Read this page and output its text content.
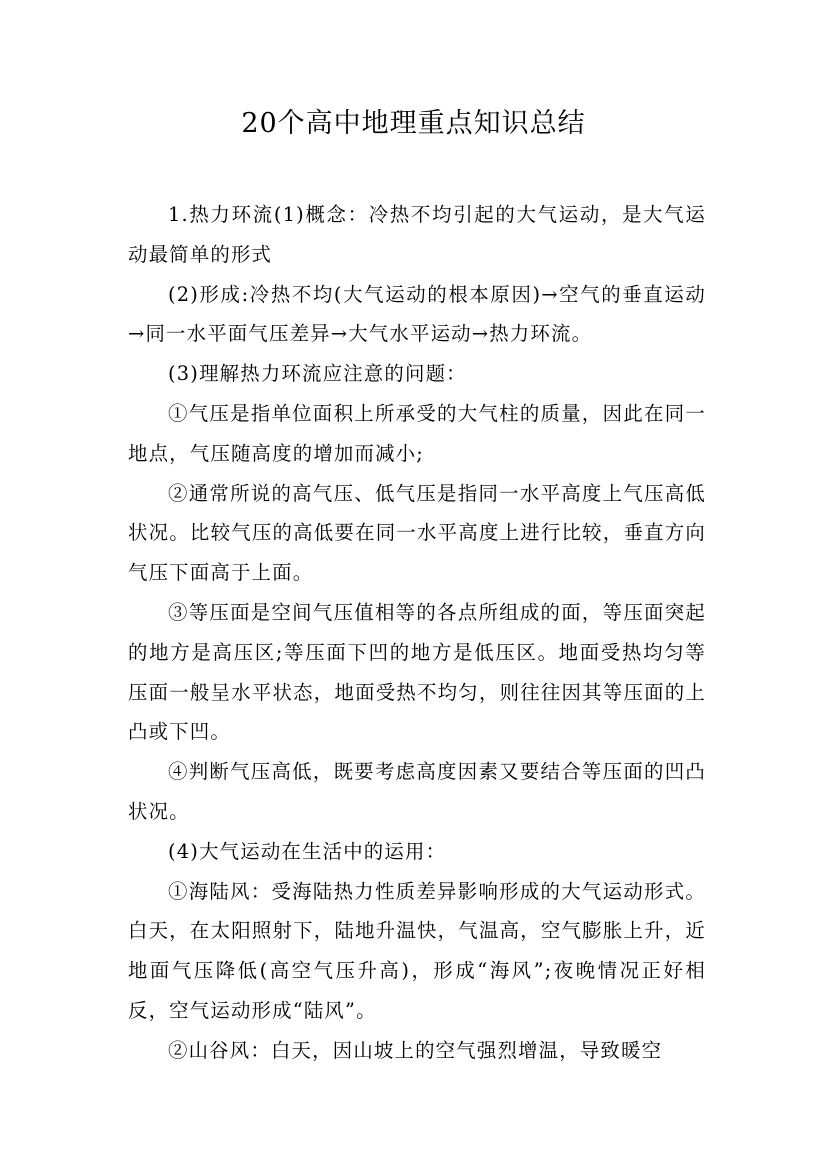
20个高中地理重点知识总结

1.热力环流(1)概念：冷热不均引起的大气运动，是大气运动最简单的形式

(2)形成:冷热不均(大气运动的根本原因)→空气的垂直运动→同一水平面气压差异→大气水平运动→热力环流。

(3)理解热力环流应注意的问题：

①气压是指单位面积上所承受的大气柱的质量，因此在同一地点，气压随高度的增加而减小;

②通常所说的高气压、低气压是指同一水平高度上气压高低状况。比较气压的高低要在同一水平高度上进行比较，垂直方向气压下面高于上面。

③等压面是空间气压值相等的各点所组成的面，等压面突起的地方是高压区;等压面下凹的地方是低压区。地面受热均匀等压面一般呈水平状态，地面受热不均匀，则往往因其等压面的上凸或下凹。

④判断气压高低，既要考虑高度因素又要结合等压面的凹凸状况。

(4)大气运动在生活中的运用：

①海陆风：受海陆热力性质差异影响形成的大气运动形式。白天，在太阳照射下，陆地升温快，气温高，空气膨胀上升，近地面气压降低(高空气压升高)，形成“海风”;夜晚情况正好相反，空气运动形成“陆风”。

②山谷风：白天，因山坡上的空气强烈增温，导致暖空
